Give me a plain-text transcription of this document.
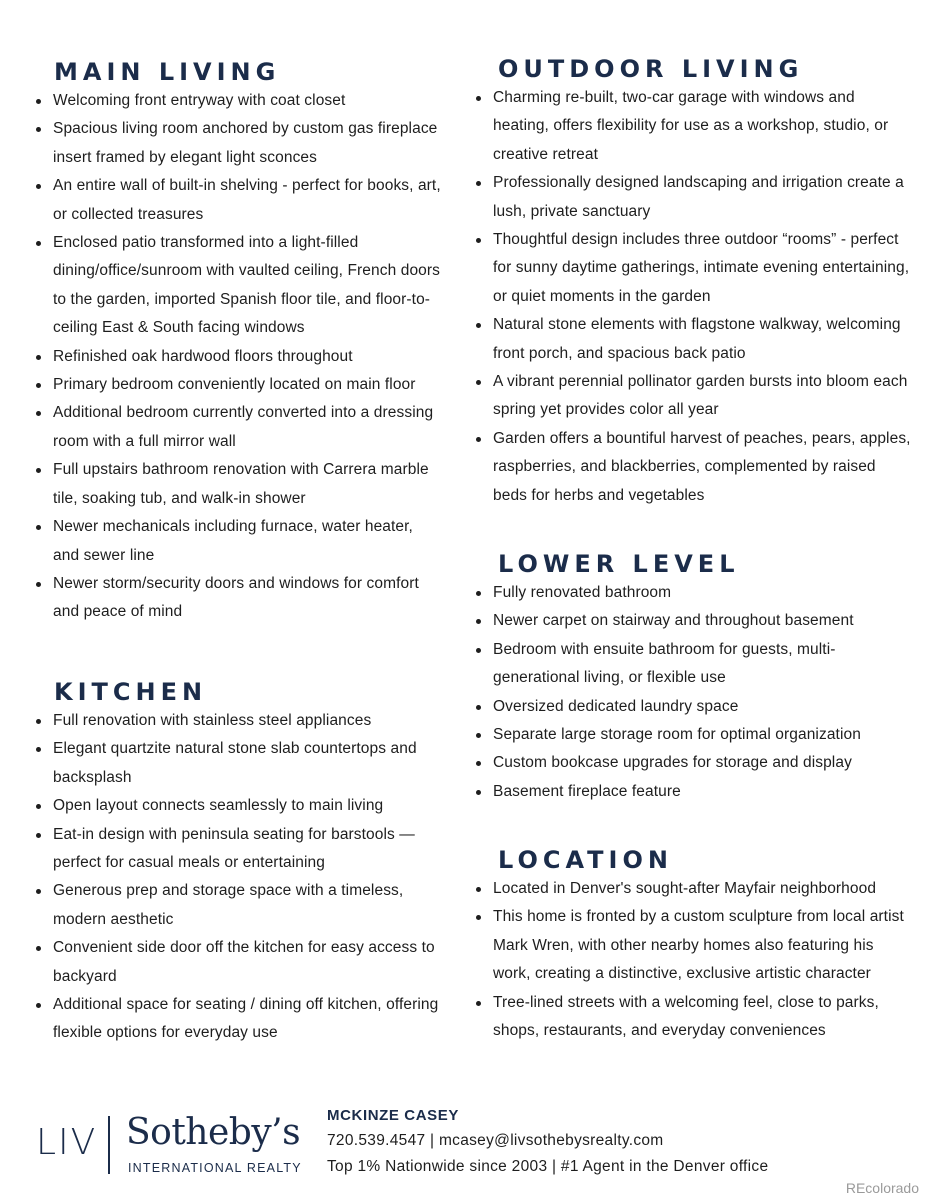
MAIN LIVING
Welcoming front entryway with coat closet
Spacious living room anchored by custom gas fireplace insert framed by elegant light sconces
An entire wall of built-in shelving - perfect for books, art, or collected treasures
Enclosed patio transformed into a light-filled dining/office/sunroom with vaulted ceiling, French doors to the garden, imported Spanish floor tile, and floor-to-ceiling East & South facing windows
Refinished oak hardwood floors throughout
Primary bedroom conveniently located on main floor
Additional bedroom currently converted into a dressing room with a full mirror wall
Full upstairs bathroom renovation with Carrera marble tile, soaking tub, and walk-in shower
Newer mechanicals including furnace, water heater, and sewer line
Newer storm/security doors and windows for comfort and peace of mind
KITCHEN
Full renovation with stainless steel appliances
Elegant quartzite natural stone slab countertops and backsplash
Open layout connects seamlessly to main living
Eat-in design with peninsula seating for barstools — perfect for casual meals or entertaining
Generous prep and storage space with a timeless, modern aesthetic
Convenient side door off the kitchen for easy access to backyard
Additional space for seating / dining off kitchen, offering flexible options for everyday use
OUTDOOR LIVING
Charming re-built, two-car garage with windows and heating, offers flexibility for use as a workshop, studio, or creative retreat
Professionally designed landscaping and irrigation create a lush, private sanctuary
Thoughtful design includes three outdoor “rooms” - perfect for sunny daytime gatherings, intimate evening entertaining, or quiet moments in the garden
Natural stone elements with flagstone walkway, welcoming front porch, and spacious back patio
A vibrant perennial pollinator garden bursts into bloom each spring yet provides color all year
Garden offers a bountiful harvest of peaches, pears, apples, raspberries, and blackberries, complemented by raised beds for herbs and vegetables
LOWER LEVEL
Fully renovated bathroom
Newer carpet on stairway and throughout basement
Bedroom with ensuite bathroom for guests, multi-generational living, or flexible use
Oversized dedicated laundry space
Separate large storage room for optimal organization
Custom bookcase upgrades for storage and display
Basement fireplace feature
LOCATION
Located in Denver's sought-after Mayfair neighborhood
This home is fronted by a custom sculpture from local artist Mark Wren, with other nearby homes also featuring his work, creating a distinctive, exclusive artistic character
Tree-lined streets with a welcoming feel, close to parks, shops, restaurants, and everyday conveniences
LIV Sotheby’s
INTERNATIONAL REALTY
MCKINZE CASEY
720.539.4547 | mcasey@livsothebysrealty.com
Top 1% Nationwide since 2003 | #1 Agent in the Denver office
REcolorado
